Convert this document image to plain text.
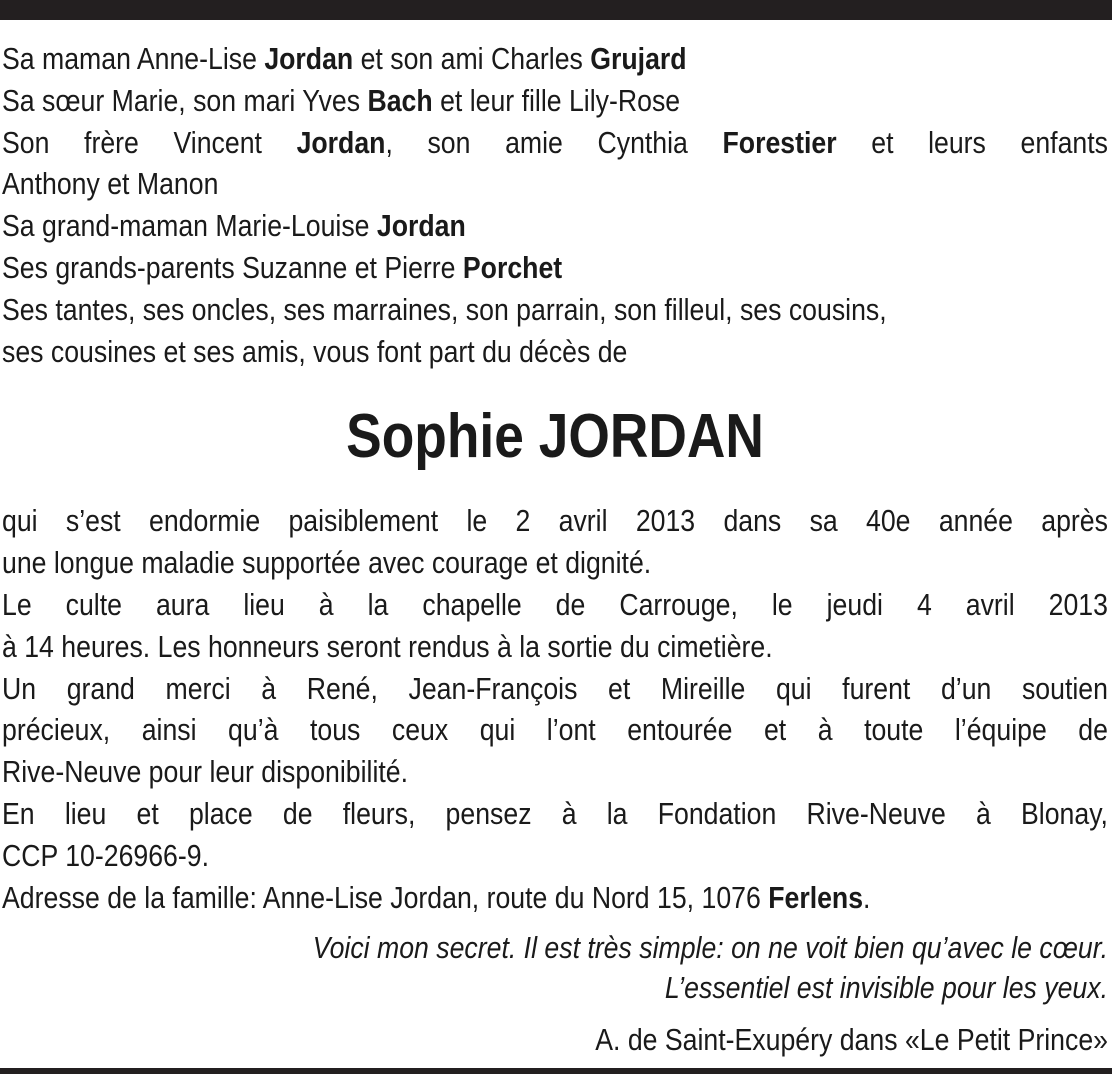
Sa maman Anne-Lise Jordan et son ami Charles Grujard
Sa sœur Marie, son mari Yves Bach et leur fille Lily-Rose
Son frère Vincent Jordan, son amie Cynthia Forestier et leurs enfants
Anthony et Manon
Sa grand-maman Marie-Louise Jordan
Ses grands-parents Suzanne et Pierre Porchet
Ses tantes, ses oncles, ses marraines, son parrain, son filleul, ses cousins,
ses cousines et ses amis, vous font part du décès de
Sophie JORDAN
qui s’est endormie paisiblement le 2 avril 2013 dans sa 40e année après
une longue maladie supportée avec courage et dignité.
Le culte aura lieu à la chapelle de Carrouge, le jeudi 4 avril 2013
à 14 heures. Les honneurs seront rendus à la sortie du cimetière.
Un grand merci à René, Jean-François et Mireille qui furent d’un soutien
précieux, ainsi qu’à tous ceux qui l’ont entourée et à toute l’équipe de
Rive-Neuve pour leur disponibilité.
En lieu et place de fleurs, pensez à la Fondation Rive-Neuve à Blonay,
CCP 10-26966-9.
Adresse de la famille: Anne-Lise Jordan, route du Nord 15, 1076 Ferlens.
Voici mon secret. Il est très simple: on ne voit bien qu’avec le cœur.
L’essentiel est invisible pour les yeux.
A. de Saint-Exupéry dans «Le Petit Prince»
